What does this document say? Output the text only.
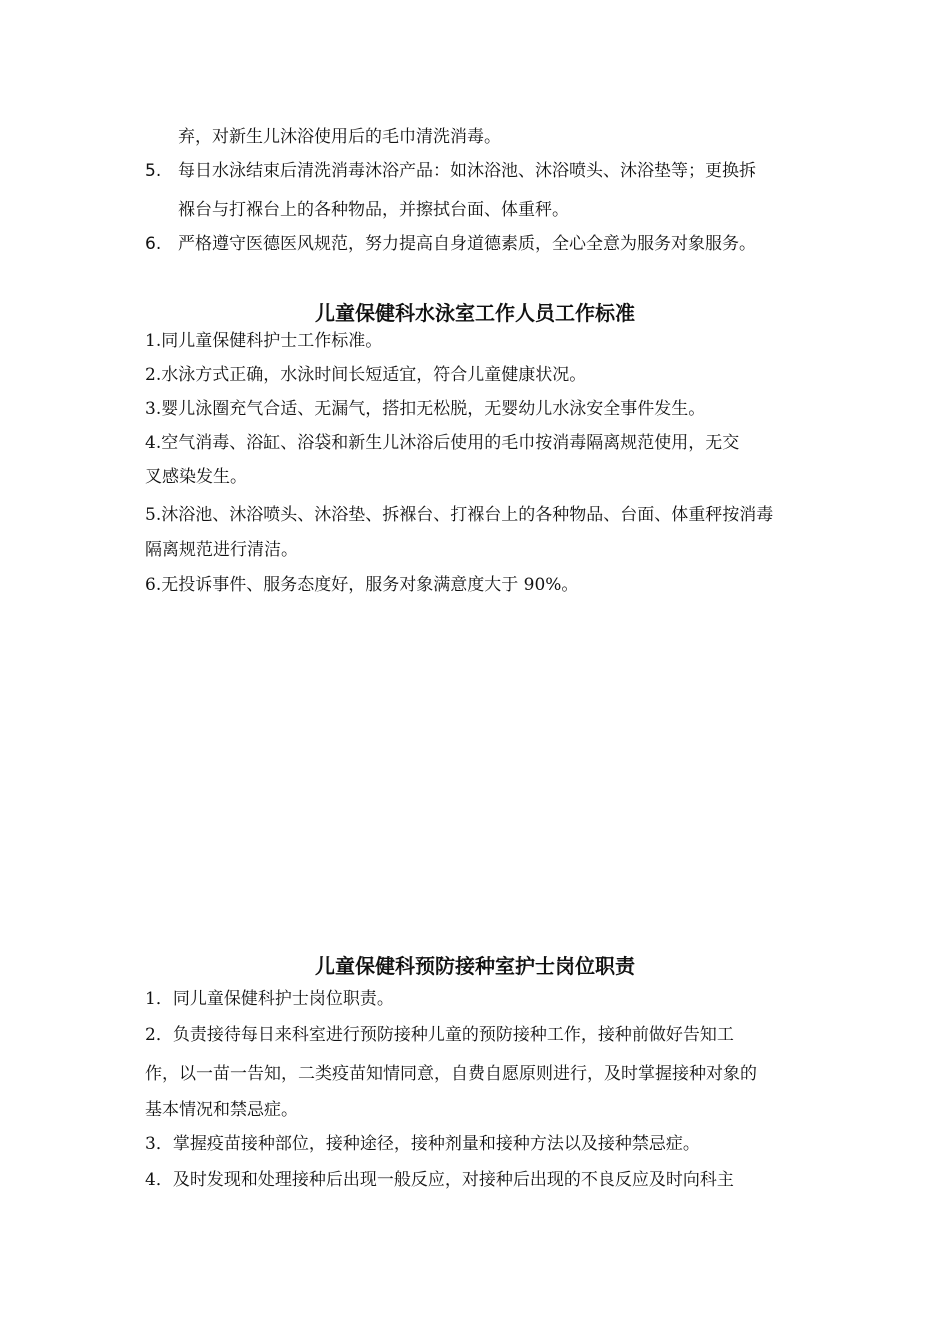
弃，对新生儿沐浴使用后的毛巾清洗消毒。
5. 每日水泳结束后清洗消毒沐浴产品：如沐浴池、沐浴喷头、沐浴垫等；更换拆
褓台与打褓台上的各种物品，并擦拭台面、体重秤。
6. 严格遵守医德医风规范，努力提高自身道德素质，全心全意为服务对象服务。
儿童保健科水泳室工作人员工作标准
1.同儿童保健科护士工作标准。
2.水泳方式正确，水泳时间长短适宜，符合儿童健康状况。
3.婴儿泳圈充气合适、无漏气，搭扣无松脱，无婴幼儿水泳安全事件发生。
4.空气消毒、浴缸、浴袋和新生儿沐浴后使用的毛巾按消毒隔离规范使用，无交
叉感染发生。
5.沐浴池、沐浴喷头、沐浴垫、拆褓台、打褓台上的各种物品、台面、体重秤按消毒
隔离规范进行清洁。
6.无投诉事件、服务态度好，服务对象满意度大于 90%。
儿童保健科预防接种室护士岗位职责
1．同儿童保健科护士岗位职责。
2．负责接待每日来科室进行预防接种儿童的预防接种工作，接种前做好告知工
作，以一苗一告知，二类疫苗知情同意，自费自愿原则进行，及时掌握接种对象的
基本情况和禁忌症。
3．掌握疫苗接种部位，接种途径，接种剂量和接种方法以及接种禁忌症。
4．及时发现和处理接种后出现一般反应，对接种后出现的不良反应及时向科主
